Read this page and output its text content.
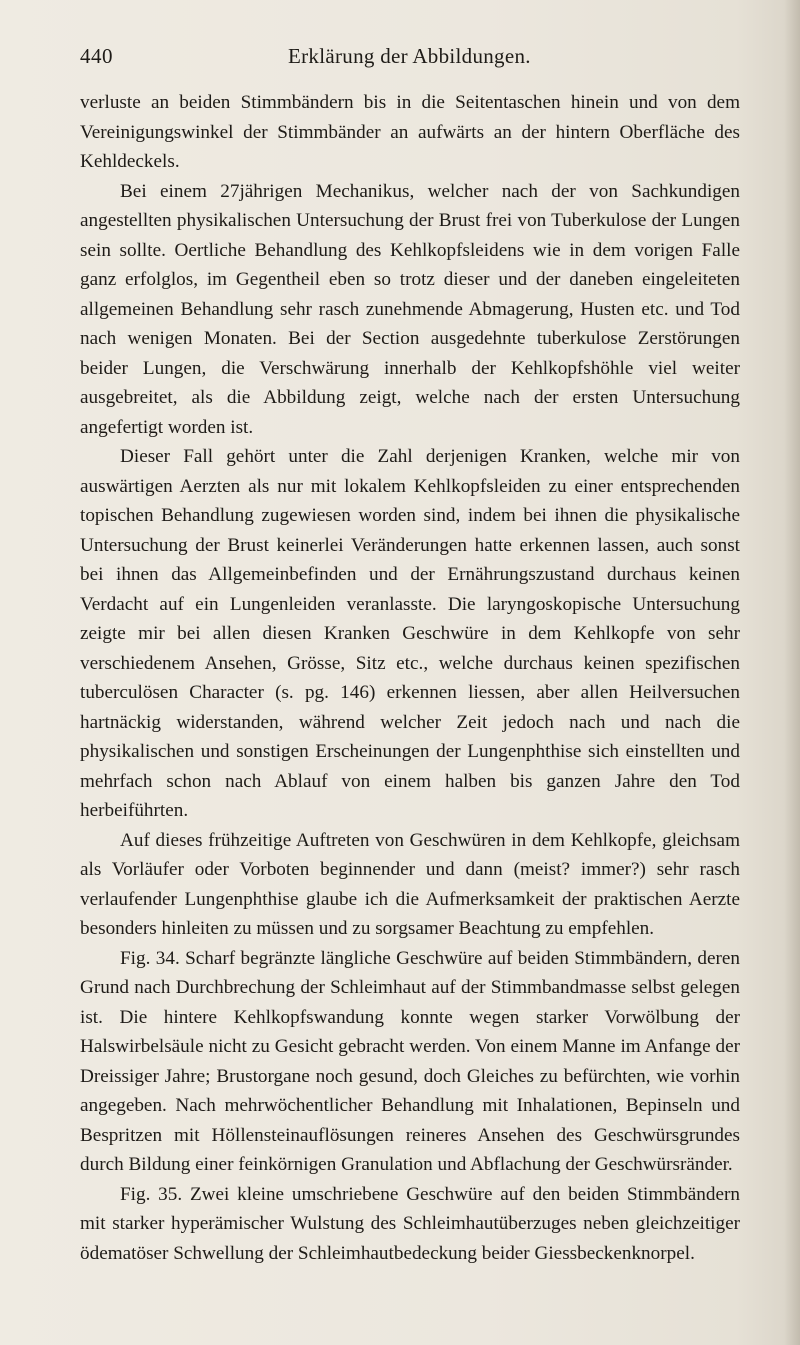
440	Erklärung der Abbildungen.

verluste an beiden Stimmbändern bis in die Seitentaschen hinein und von dem Vereinigungswinkel der Stimmbänder an aufwärts an der hintern Oberfläche des Kehldeckels.

Bei einem 27jährigen Mechanikus, welcher nach der von Sachkundigen angestellten physikalischen Untersuchung der Brust frei von Tuberkulose der Lungen sein sollte. Oertliche Behandlung des Kehlkopfsleidens wie in dem vorigen Falle ganz erfolglos, im Gegentheil eben so trotz dieser und der daneben eingeleiteten allgemeinen Behandlung sehr rasch zunehmende Abmagerung, Husten etc. und Tod nach wenigen Monaten. Bei der Section ausgedehnte tuberkulose Zerstörungen beider Lungen, die Verschwärung innerhalb der Kehlkopfshöhle viel weiter ausgebreitet, als die Abbildung zeigt, welche nach der ersten Untersuchung angefertigt worden ist.

Dieser Fall gehört unter die Zahl derjenigen Kranken, welche mir von auswärtigen Aerzten als nur mit lokalem Kehlkopfsleiden zu einer entsprechenden topischen Behandlung zugewiesen worden sind, indem bei ihnen die physikalische Untersuchung der Brust keinerlei Veränderungen hatte erkennen lassen, auch sonst bei ihnen das Allgemeinbefinden und der Ernährungszustand durchaus keinen Verdacht auf ein Lungenleiden veranlasste. Die laryngoskopische Untersuchung zeigte mir bei allen diesen Kranken Geschwüre in dem Kehlkopfe von sehr verschiedenem Ansehen, Grösse, Sitz etc., welche durchaus keinen spezifischen tuberculösen Character (s. pg. 146) erkennen liessen, aber allen Heilversuchen hartnäckig widerstanden, während welcher Zeit jedoch nach und nach die physikalischen und sonstigen Erscheinungen der Lungenphthise sich einstellten und mehrfach schon nach Ablauf von einem halben bis ganzen Jahre den Tod herbeiführten.

Auf dieses frühzeitige Auftreten von Geschwüren in dem Kehlkopfe, gleichsam als Vorläufer oder Vorboten beginnender und dann (meist? immer?) sehr rasch verlaufender Lungenphthise glaube ich die Aufmerksamkeit der praktischen Aerzte besonders hinleiten zu müssen und zu sorgsamer Beachtung zu empfehlen.

Fig. 34. Scharf begränzte längliche Geschwüre auf beiden Stimmbändern, deren Grund nach Durchbrechung der Schleimhaut auf der Stimmbandmasse selbst gelegen ist. Die hintere Kehlkopfswandung konnte wegen starker Vorwölbung der Halswirbelsäule nicht zu Gesicht gebracht werden. Von einem Manne im Anfange der Dreissiger Jahre; Brustorgane noch gesund, doch Gleiches zu befürchten, wie vorhin angegeben. Nach mehrwöchentlicher Behandlung mit Inhalationen, Bepinseln und Bespritzen mit Höllensteinauflösungen reineres Ansehen des Geschwürsgrundes durch Bildung einer feinkörnigen Granulation und Abflachung der Geschwürsränder.

Fig. 35. Zwei kleine umschriebene Geschwüre auf den beiden Stimmbändern mit starker hyperämischer Wulstung des Schleimhautüberzuges neben gleichzeitiger ödematöser Schwellung der Schleimhautbedeckung beider Giessbeckenknorpel.
